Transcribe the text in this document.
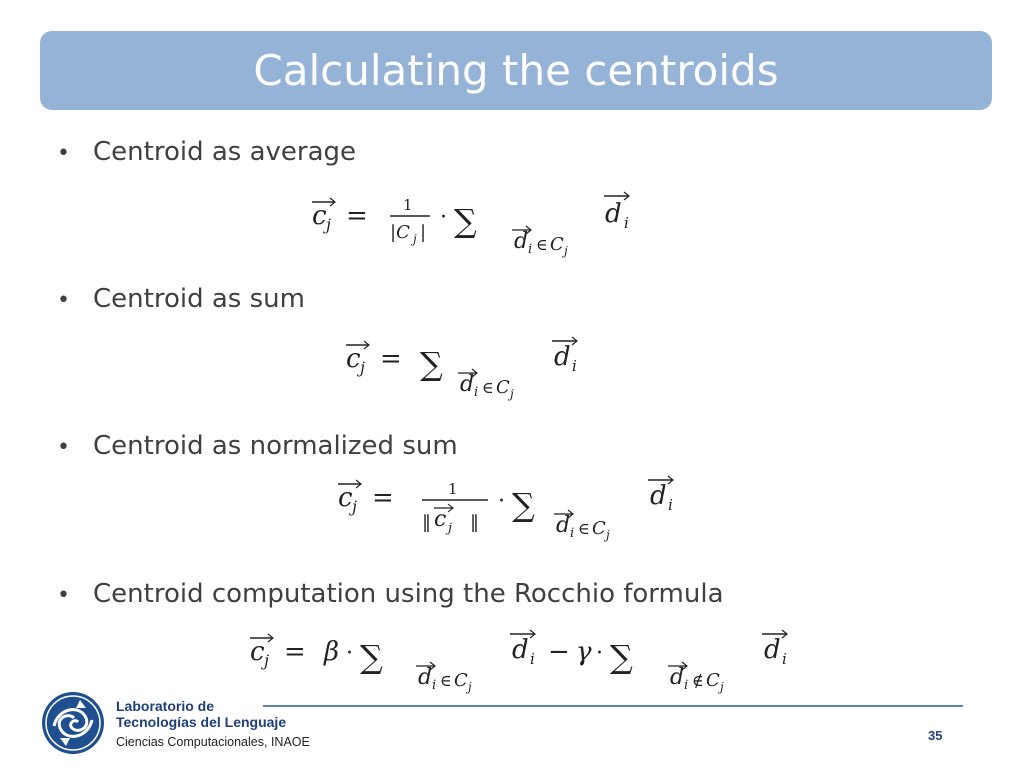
Calculating the centroids
• Centroid as average
c j = 1
|C j |
· ∑
d i ∈ C j
d i
• Centroid as sum
c j = ∑
d i ∈ C j
d i
• Centroid as normalized sum
c j =	1
‖ c j ‖
· ∑
d i ∈ C j
d i
• Centroid computation using the Rocchio formula
c j = β · ∑
d i ∈ C j
d i − γ · ∑
d i ∉ C j
d i
Laboratorio de
Tecnologías del Lenguaje
Ciencias Computacionales, INAOE	35
